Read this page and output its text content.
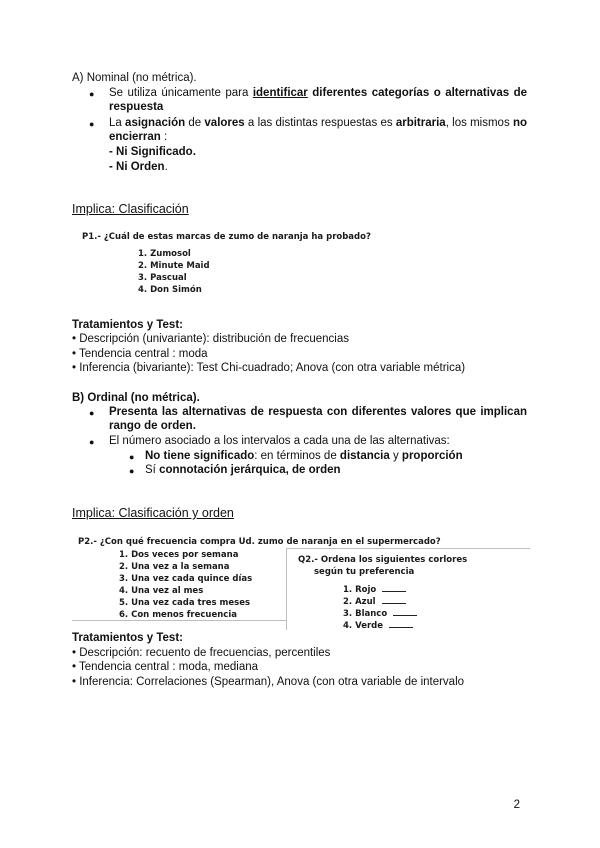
A) Nominal (no métrica).
● Se utiliza únicamente para identificar diferentes categorías o alternativas de
respuesta
● La asignación de valores a las distintas respuestas es arbitraria, los mismos no
encierran :
- Ni Significado.
- Ni Orden.
Implica: Clasificación
P1.- ¿Cuál de estas marcas de zumo de naranja ha probado?
1. Zumosol
2. Minute Maid
3. Pascual
4. Don Simón
Tratamientos y Test:
• Descripción (univariante): distribución de frecuencias
• Tendencia central : moda
• Inferencia (bivariante): Test Chi-cuadrado; Anova (con otra variable métrica)
B) Ordinal (no métrica).
● Presenta las alternativas de respuesta con diferentes valores que implican
rango de orden.
● El número asociado a los intervalos a cada una de las alternativas:
● No tiene significado: en términos de distancia y proporción
● Sí connotación jerárquica, de orden
Implica: Clasificación y orden
P2.- ¿Con qué frecuencia compra Ud. zumo de naranja en el supermercado?
1. Dos veces por semana
2. Una vez a la semana
3. Una vez cada quince días
4. Una vez al mes
5. Una vez cada tres meses
6. Con menos frecuencia
Q2.- Ordena los siguientes corlores
según tu preferencia
1. Rojo
2. Azul
3. Blanco
4. Verde
Tratamientos y Test:
• Descripción: recuento de frecuencias, percentiles
• Tendencia central : moda, mediana
• Inferencia: Correlaciones (Spearman), Anova (con otra variable de intervalo
2
